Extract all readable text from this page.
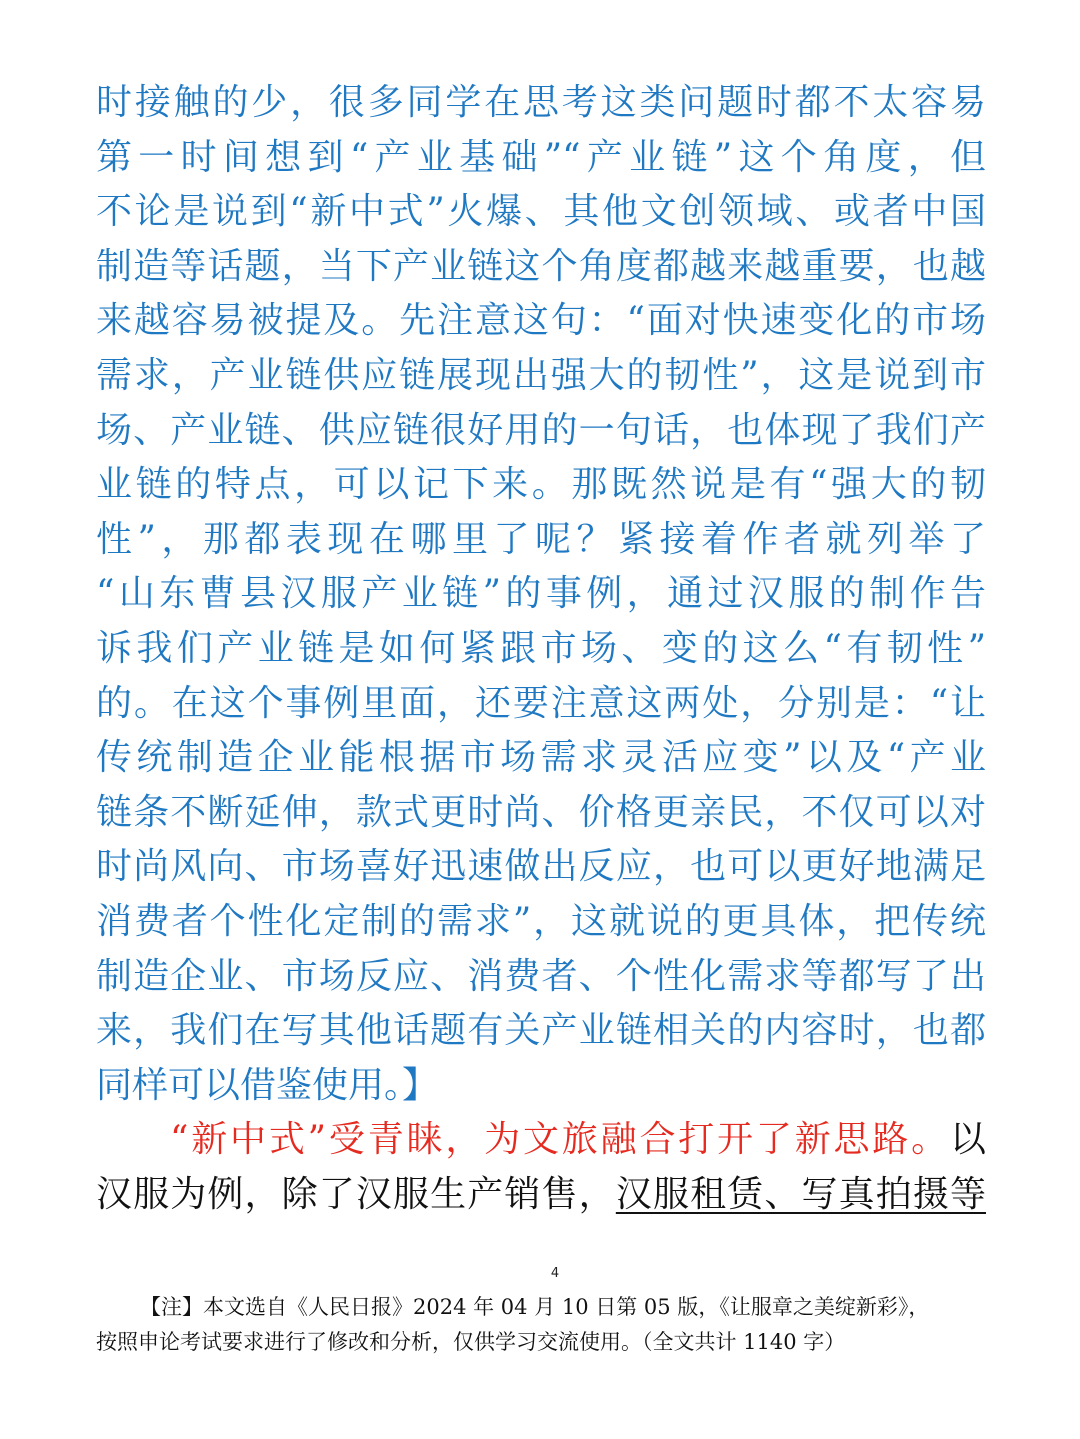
时接触的少，很多同学在思考这类问题时都不太容易
第一时间想到“产业基础”“产业链”这个角度，但
不论是说到“新中式”火爆、其他文创领域、或者中国
制造等话题，当下产业链这个角度都越来越重要，也越
来越容易被提及。先注意这句：“面对快速变化的市场
需求，产业链供应链展现出强大的韧性”，这是说到市
场、产业链、供应链很好用的一句话，也体现了我们产
业链的特点，可以记下来。那既然说是有“强大的韧
性”，那都表现在哪里了呢？紧接着作者就列举了
“山东曹县汉服产业链”的事例，通过汉服的制作告
诉我们产业链是如何紧跟市场、变的这么“有韧性”
的。在这个事例里面，还要注意这两处，分别是：“让
传统制造企业能根据市场需求灵活应变”以及“产业
链条不断延伸，款式更时尚、价格更亲民，不仅可以对
时尚风向、市场喜好迅速做出反应，也可以更好地满足
消费者个性化定制的需求”，这就说的更具体，把传统
制造企业、市场反应、消费者、个性化需求等都写了出
来，我们在写其他话题有关产业链相关的内容时，也都
同样可以借鉴使用。】
“新中式”受青睐，为文旅融合打开了新思路。以
汉服为例，除了汉服生产销售，汉服租赁、写真拍摄等
4
【注】本文选自《人民日报》2024 年 04 月 10 日第 05 版，《让服章之美绽新彩》，
按照申论考试要求进行了修改和分析，仅供学习交流使用。（全文共计 1140 字）
